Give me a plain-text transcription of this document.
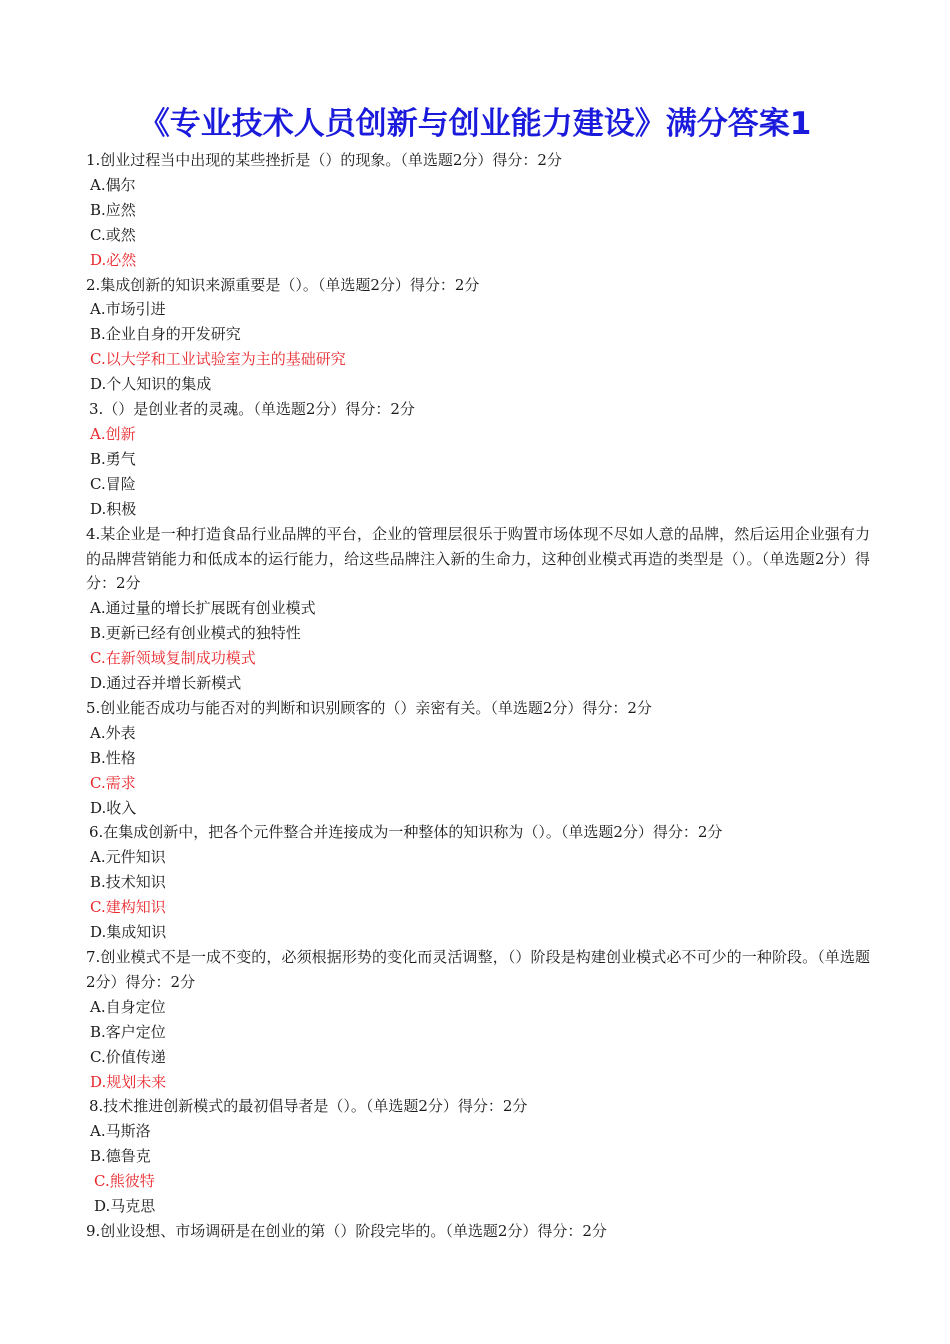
《专业技术人员创新与创业能力建设》满分答案1

1.创业过程当中出现的某些挫折是（）的现象。（单选题2分）得分：2分

A.偶尔

B.应然

C.或然

D.必然

2.集成创新的知识来源重要是（）。（单选题2分）得分：2分

A.市场引进

B.企业自身的开发研究

C.以大学和工业试验室为主的基础研究

D.个人知识的集成

3.（）是创业者的灵魂。（单选题2分）得分：2分

A.创新

B.勇气

C.冒险

D.积极

4.某企业是一种打造食品行业品牌的平台，企业的管理层很乐于购置市场体现不尽如人意的品牌，然后运用企业强有力的品牌营销能力和低成本的运行能力，给这些品牌注入新的生命力，这种创业模式再造的类型是（）。（单选题2分）得分：2分

A.通过量的增长扩展既有创业模式

B.更新已经有创业模式的独特性

C.在新领域复制成功模式

D.通过吞并增长新模式

5.创业能否成功与能否对的判断和识别顾客的（）亲密有关。（单选题2分）得分：2分

A.外表

B.性格

C.需求

D.收入

6.在集成创新中，把各个元件整合并连接成为一种整体的知识称为（）。（单选题2分）得分：2分

A.元件知识

B.技术知识

C.建构知识

D.集成知识

7.创业模式不是一成不变的，必须根据形势的变化而灵活调整，（）阶段是构建创业模式必不可少的一种阶段。（单选题2分）得分：2分

A.自身定位

B.客户定位

C.价值传递

D.规划未来

8.技术推进创新模式的最初倡导者是（）。（单选题2分）得分：2分

A.马斯洛

B.德鲁克

C.熊彼特

D.马克思

9.创业设想、市场调研是在创业的第（）阶段完毕的。（单选题2分）得分：2分
